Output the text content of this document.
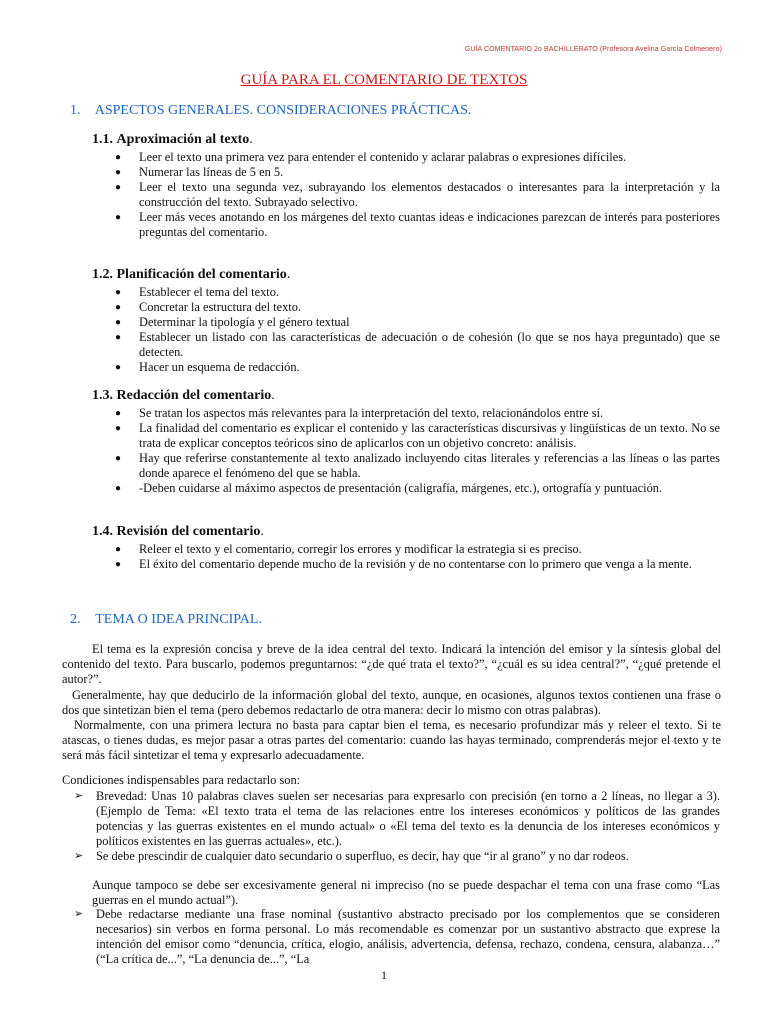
GUÍA COMENTARIO 2o BACHILLERATO (Profesora Avelina García Colmenero)
GUÍA PARA EL COMENTARIO DE TEXTOS
1. ASPECTOS GENERALES. CONSIDERACIONES PRÁCTICAS.
1.1. Aproximación al texto.
● Leer el texto una primera vez para entender el contenido y aclarar palabras o expresiones difíciles.
● Numerar las líneas de 5 en 5.
● Leer el texto una segunda vez, subrayando los elementos destacados o interesantes para la interpretación y la construcción del texto. Subrayado selectivo.
● Leer más veces anotando en los márgenes del texto cuantas ideas e indicaciones parezcan de interés para posteriores preguntas del comentario.
1.2. Planificación del comentario.
● Establecer el tema del texto.
● Concretar la estructura del texto.
● Determinar la tipología y el género textual
● Establecer un listado con las características de adecuación o de cohesión (lo que se nos haya preguntado) que se detecten.
● Hacer un esquema de redacción.
1.3. Redacción del comentario.
● Se tratan los aspectos más relevantes para la interpretación del texto, relacionándolos entre sí.
● La finalidad del comentario es explicar el contenido y las características discursivas y lingüísticas de un texto. No se trata de explicar conceptos teóricos sino de aplicarlos con un objetivo concreto: análisis.
● Hay que referirse constantemente al texto analizado incluyendo citas literales y referencias a las líneas o las partes donde aparece el fenómeno del que se habla.
● -Deben cuidarse al máximo aspectos de presentación (caligrafía, márgenes, etc.), ortografía y puntuación.
1.4. Revisión del comentario.
● Releer el texto y el comentario, corregir los errores y modificar la estrategia si es preciso.
● El éxito del comentario depende mucho de la revisión y de no contentarse con lo primero que venga a la mente.
2. TEMA O IDEA PRINCIPAL.

El tema es la expresión concisa y breve de la idea central del texto. Indicará la intención del emisor y la síntesis global del contenido del texto. Para buscarlo, podemos preguntarnos: “¿de qué trata el texto?”, “¿cuál es su idea central?”, “¿qué pretende el autor?”.

Generalmente, hay que deducirlo de la información global del texto, aunque, en ocasiones, algunos textos contienen una frase o dos que sintetizan bien el tema (pero debemos redactarlo de otra manera: decir lo mismo con otras palabras).

Normalmente, con una primera lectura no basta para captar bien el tema, es necesario profundizar más y releer el texto. Si te atascas, o tienes dudas, es mejor pasar a otras partes del comentario: cuando las hayas terminado, comprenderás mejor el texto y te será más fácil sintetizar el tema y expresarlo adecuadamente.

Condiciones indispensables para redactarlo son:

➢ Brevedad: Unas 10 palabras claves suelen ser necesarias para expresarlo con precisión (en torno a 2 líneas, no llegar a 3). (Ejemplo de Tema: «El texto trata el tema de las relaciones entre los intereses económicos y políticos de las grandes potencias y las guerras existentes en el mundo actual» o «El tema del texto es la denuncia de los intereses económicos y políticos existentes en las guerras actuales», etc.).
➢ Se debe prescindir de cualquier dato secundario o superfluo, es decir, hay que “ir al grano” y no dar rodeos.

Aunque tampoco se debe ser excesivamente general ni impreciso (no se puede despachar el tema con una frase como “Las guerras en el mundo actual”).

➢ Debe redactarse mediante una frase nominal (sustantivo abstracto precisado por los complementos que se consideren necesarios) sin verbos en forma personal. Lo más recomendable es comenzar por un sustantivo abstracto que exprese la intención del emisor como “denuncia, crítica, elogio, análisis, advertencia, defensa, rechazo, condena, censura, alabanza…” (“La crítica de...”, “La denuncia de...”, “La
1
